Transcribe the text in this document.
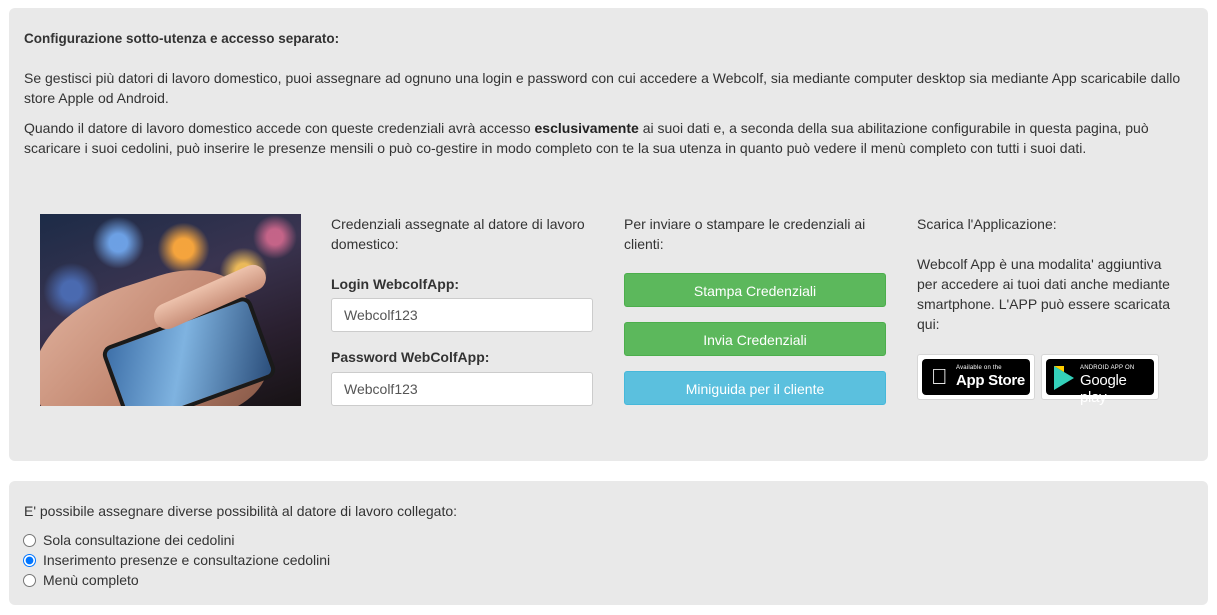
Configurazione sotto-utenza e accesso separato:
Se gestisci più datori di lavoro domestico, puoi assegnare ad ognuno una login e password con cui accedere a Webcolf, sia mediante computer desktop sia mediante App scaricabile dallo store Apple od Android.
Quando il datore di lavoro domestico accede con queste credenziali avrà accesso esclusivamente ai suoi dati e, a seconda della sua abilitazione configurabile in questa pagina, può scaricare i suoi cedolini, può inserire le presenze mensili o può co-gestire in modo completo con te la sua utenza in quanto può vedere il menù completo con tutti i suoi dati.
Credenziali assegnate al datore di lavoro domestico:
Login WebcolfApp:
Webcolf123
Password WebColfApp:
Webcolf123
Per inviare o stampare le credenziali ai clienti:
Stampa Credenziali
Invia Credenziali
Miniguida per il cliente
Scarica l'Applicazione:
Webcolf App è una modalita' aggiuntiva per accedere ai tuoi dati anche mediante smartphone. L'APP può essere scaricata qui:
Available on the
App Store
ANDROID APP ON
Google play
E' possibile assegnare diverse possibilità al datore di lavoro collegato:
Sola consultazione dei cedolini
Inserimento presenze e consultazione cedolini
Menù completo
